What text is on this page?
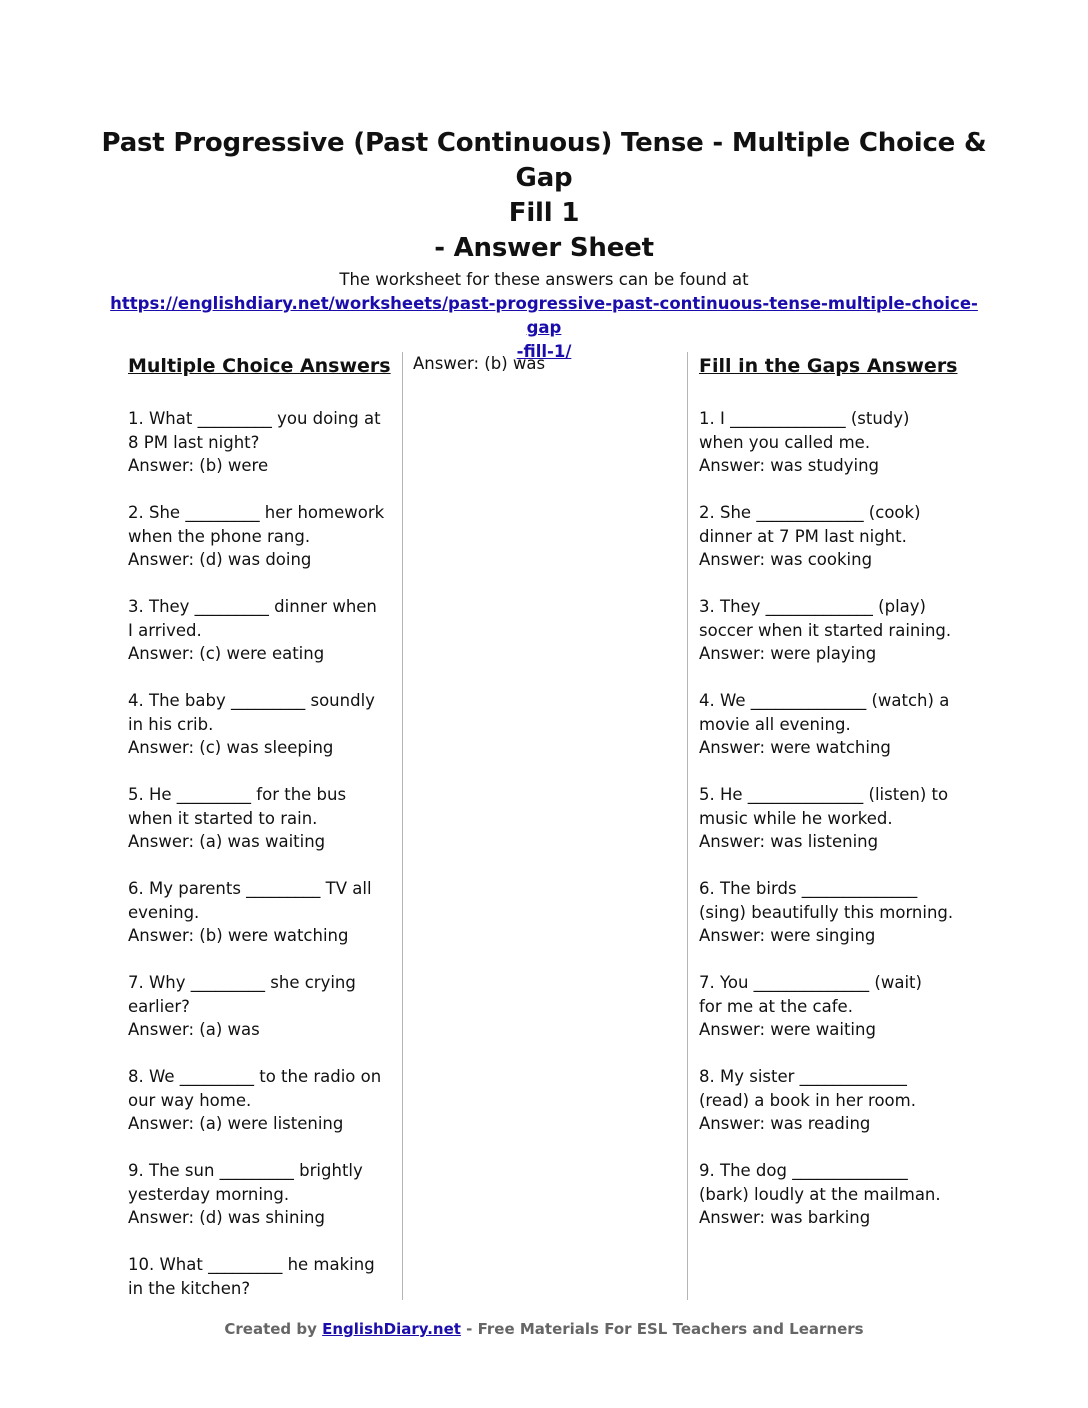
Past Progressive (Past Continuous) Tense - Multiple Choice & Gap
Fill 1
- Answer Sheet
The worksheet for these answers can be found at
https://englishdiary.net/worksheets/past-progressive-past-continuous-tense-multiple-choice-gap
-fill-1/
Multiple Choice Answers
1. What _________ you doing at
8 PM last night?
Answer: (b) were
2. She _________ her homework
when the phone rang.
Answer: (d) was doing
3. They _________ dinner when
I arrived.
Answer: (c) were eating
4. The baby _________ soundly
in his crib.
Answer: (c) was sleeping
5. He _________ for the bus
when it started to rain.
Answer: (a) was waiting
6. My parents _________ TV all
evening.
Answer: (b) were watching
7. Why _________ she crying
earlier?
Answer: (a) was
8. We _________ to the radio on
our way home.
Answer: (a) were listening
9. The sun _________ brightly
yesterday morning.
Answer: (d) was shining
10. What _________ he making
in the kitchen?
Answer: (b) was	Fill in the Gaps Answers
1. I ______________ (study)
when you called me.
Answer: was studying
2. She _____________ (cook)
dinner at 7 PM last night.
Answer: was cooking
3. They _____________ (play)
soccer when it started raining.
Answer: were playing
4. We ______________ (watch) a
movie all evening.
Answer: were watching
5. He ______________ (listen) to
music while he worked.
Answer: was listening
6. The birds ______________
(sing) beautifully this morning.
Answer: were singing
7. You ______________ (wait)
for me at the cafe.
Answer: were waiting
8. My sister _____________
(read) a book in her room.
Answer: was reading
9. The dog ______________
(bark) loudly at the mailman.
Answer: was barking
Created by EnglishDiary.net - Free Materials For ESL Teachers and Learners
